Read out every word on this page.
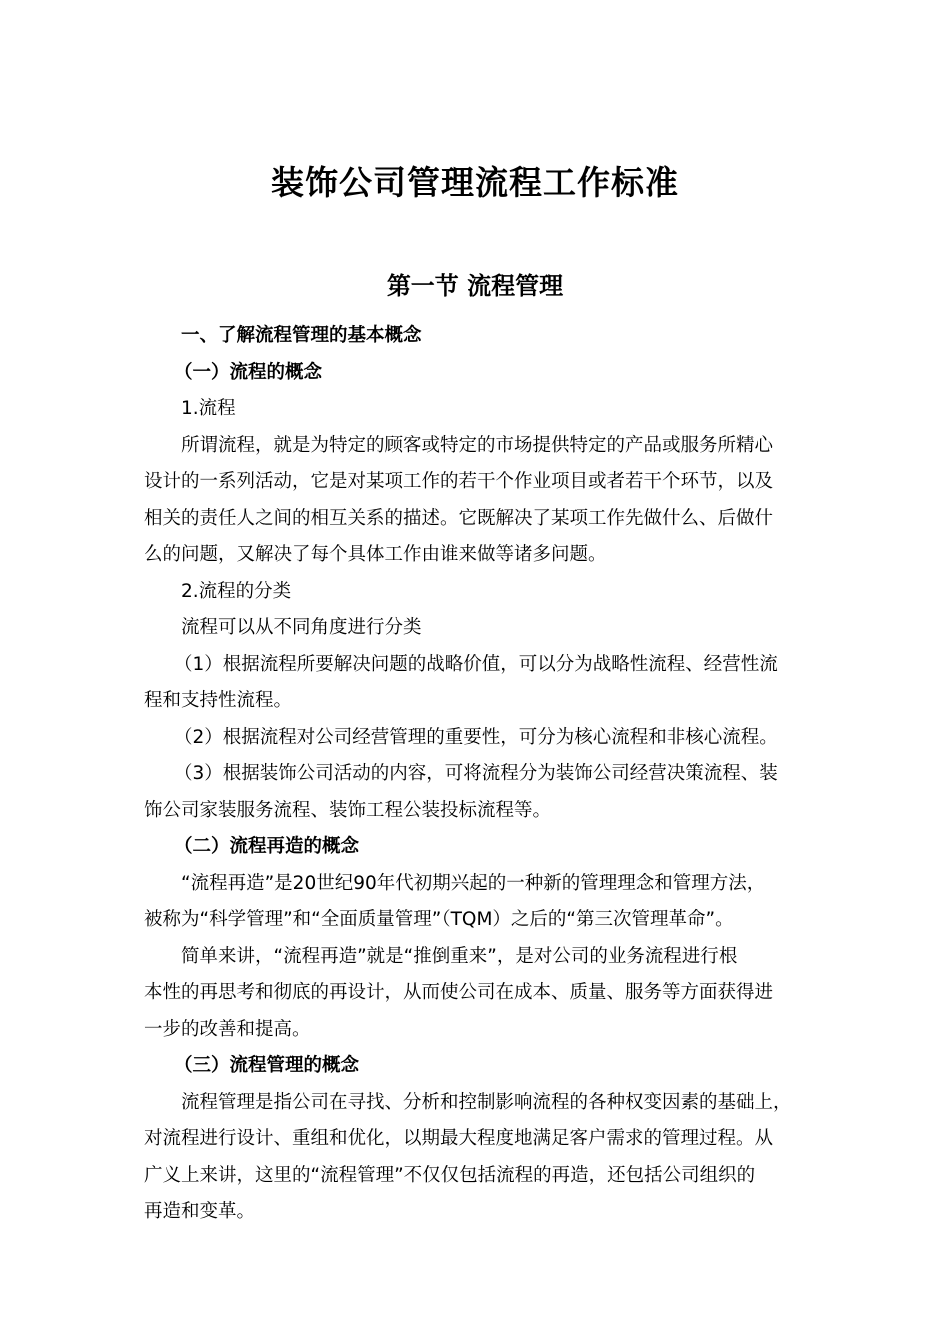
装饰公司管理流程工作标准
第一节 流程管理

一、了解流程管理的基本概念

（一）流程的概念

1.流程

所谓流程，就是为特定的顾客或特定的市场提供特定的产品或服务所精心

设计的一系列活动，它是对某项工作的若干个作业项目或者若干个环节，以及

相关的责任人之间的相互关系的描述。它既解决了某项工作先做什么、后做什

么的问题，又解决了每个具体工作由谁来做等诸多问题。

2.流程的分类

流程可以从不同角度进行分类

（1）根据流程所要解决问题的战略价值，可以分为战略性流程、经营性流

程和支持性流程。

（2）根据流程对公司经营管理的重要性，可分为核心流程和非核心流程。

（3）根据装饰公司活动的内容，可将流程分为装饰公司经营决策流程、装

饰公司家装服务流程、装饰工程公装投标流程等。

（二）流程再造的概念

“流程再造”是20世纪90年代初期兴起的一种新的管理理念和管理方法，

被称为“科学管理”和“全面质量管理”（TQM）之后的“第三次管理革命”。

简单来讲，“流程再造”就是“推倒重来”，是对公司的业务流程进行根

本性的再思考和彻底的再设计，从而使公司在成本、质量、服务等方面获得进

一步的改善和提高。

（三）流程管理的概念

流程管理是指公司在寻找、分析和控制影响流程的各种权变因素的基础上，

对流程进行设计、重组和优化，以期最大程度地满足客户需求的管理过程。从

广义上来讲，这里的“流程管理”不仅仅包括流程的再造，还包括公司组织的

再造和变革。
